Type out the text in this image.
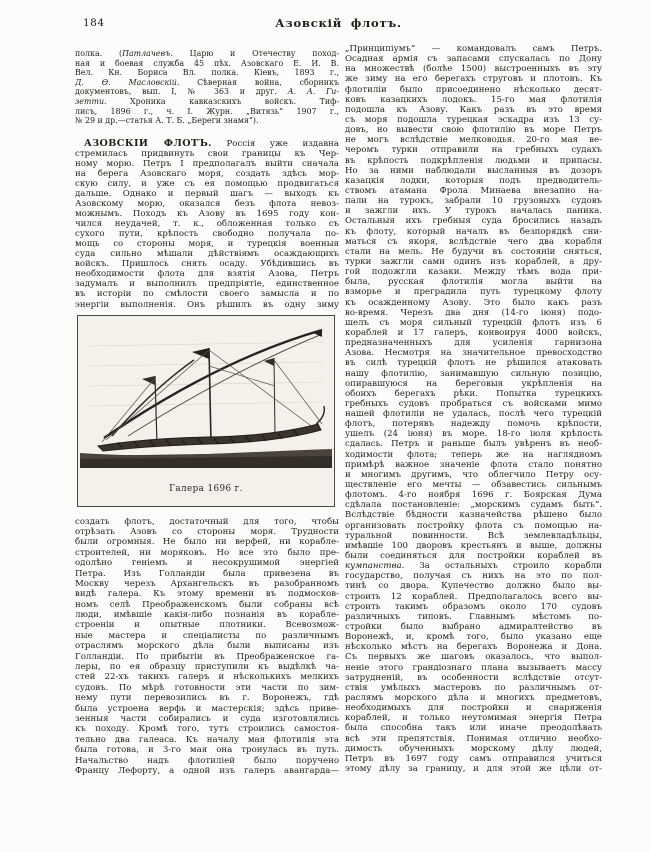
184	Азовскій флотъ.
полка. (Патлачевъ. Царю и Отечеству поход-
ная и боевая служба 45 пѣх. Азовскаго Е. И. В.
Вел. Кн. Бориса Вл. полка. Кіевъ, 1893 г.,
Д. Ѳ. Масловскій. Сѣверная война, сборникъ
документовъ, вып. I, № 363 и друг. А. А. Ги-
зетти. Хроника кавказскихъ войскъ. Тиф-
лисъ, 1896 г., ч. I. Журн. „Витязь“ 1907 г.,
№ 29 и др.—статья А. Т. Б. „Береги знамя“).
АЗОВСКІЙ ФЛОТЪ. Россія уже издавна
стремилась придвинуть свои границы къ Чер-
ному морю. Петръ I предполагалъ выйти сначала
на берега Азовскаго моря, создать здѣсь мор-
скую силу, и уже съ ея помощью продвигаться
дальше. Однако и первый шагъ — выходъ къ
Азовскому морю, оказался безъ флота невоз-
можнымъ. Походъ къ Азову въ 1695 году кон-
чился неудачей, т. к., обложенная только съ
сухого пути, крѣпость свободно получала по-
мощь со стороны моря, и турецкія военныя
суда сильно мѣшали дѣйствіямъ осаждающихъ
войскъ. Пришлось снять осаду. Убѣдившись въ
необходимости флота для взятія Азова, Петръ
задумалъ и выполнилъ предпріятіе, единственное
въ исторіи по смѣлости своего замысла и по
энергіи выполненія. Онъ рѣшилъ въ одну зиму
Галера 1696 г.
создать флотъ, достаточный для того, чтобы
отрѣзать Азовъ со стороны моря. Трудности
были огромныя. Не было ни верфей, ни корабле-
строителей, ни моряковъ. Но все это было пре-
одолѣно геніемъ и несокрушимой энергіей
Петра. Изъ Голландіи была привезена въ
Москву черезъ Архангельскъ въ разобранномъ
видѣ галера. Къ этому времени въ подмосков-
номъ селѣ Преображенскомъ были собраны всѣ
люди, имѣвшіе какія-либо познанія въ корабле-
строеніи и опытные плотники. Всевозмож-
ные мастера и спеціалисты по различнымъ
отраслямъ морского дѣла были выписаны изъ
Голландіи. По прибытіи въ Преображенское га-
леры, по ея образцу приступили къ выдѣлкѣ ча-
стей 22-хъ такихъ галеръ и нѣсколькихъ мелкихъ
судовъ. По мѣрѣ готовности эти части по зим-
нему пути перевозились въ г. Воронежъ, гдѣ
была устроена верфь и мастерскія; здѣсь приве-
зенныя части собирались и суда изготовлялись
къ походу. Кромѣ того, тутъ строились самостоя-
тельно два галеаса. Къ началу мая флотилія эта
была готова, и 3-го мая она тронулась въ путь.
Начальство надъ флотиліей было поручено
Францу Лефорту, а одной изъ галеръ авангарда—
„Принципіумъ“ — командовалъ самъ Петръ.
Осадная армія съ запасами спускалась по Дону
на множествѣ (болѣе 1500) выстроенныхъ въ эту
же зиму на его берегахъ струговъ и плотовъ. Къ
флотиліи было присоединено нѣсколько десят-
ковъ казацкихъ лодокъ. 15-го мая флотилія
подошла къ Азову. Какъ разъ въ это время
съ моря подошла турецкая эскадра изъ 13 су-
довъ, но вывести свою флотилію въ море Петръ
не могъ вслѣдствіе мелководья. 20-го мая ве-
черомъ турки отправили на гребныхъ судахъ
въ крѣпость подкрѣпленія людьми и припасы.
Но за ними наблюдали высланныя въ дозоръ
казацкія лодки, которыя подъ предводитель-
ствомъ атамана Фрола Минаева внезапно на-
пали на турокъ, забрали 10 грузовыхъ судовъ
и зажгли ихъ. У турокъ началась паника.
Остальныя ихъ гребныя суда бросились назадъ
къ флоту, который началъ въ безпорядкѣ сни-
маться съ якоря, вслѣдствіе чего два корабля
стали на мель. Не будучи въ состояніи сняться,
турки зажгли сами одинъ изъ кораблей, а дру-
гой подожгли казаки. Между тѣмъ вода при-
была, русская флотилія могла выйти на
взморье и преградила путь турецкому флоту
къ осажденному Азову. Это было какъ разъ
во-время. Черезъ два дня (14-го іюня) подо-
шелъ съ моря сильный турецкій флотъ изъ 6
кораблей и 17 галеръ, конвоируя 4000 войскъ,
предназначенныхъ для усиленія гарнизона
Азова. Несмотря на значительное превосходство
въ силѣ турецкій флотъ не рѣшился атаковать
нашу флотилію, занимавшую сильную позицію,
опиравшуюся на береговыя укрѣпленія на
обоихъ берегахъ рѣки. Попытка турецкихъ
гребныхъ судовъ пробраться съ войсками мимо
нашей флотиліи не удалась, послѣ чего турецкій
флотъ, потерявъ надежду помочь крѣпости,
ушелъ (24 іюня) въ море. 18-го іюля крѣпость
сдалась. Петръ и раньше былъ увѣренъ въ необ-
ходимости флота; теперь же на наглядномъ
примѣрѣ важное значеніе флота стало понятно
и многимъ другимъ, что облегчило Петру осу-
ществленіе его мечты — обзавестись сильнымъ
флотомъ. 4-го ноября 1696 г. Боярская Дума
сдѣлала постановленіе: „морскимъ судамъ быть“.
Вслѣдствіе бѣдности казначейства рѣшено было
организовать постройку флота съ помощью на-
туральной повинности. Всѣ землевладѣльцы,
имѣвшіе 100 дворовъ крестьянъ и выше, должны
были соединяться для постройки кораблей въ
кумпанства. За остальныхъ строило корабли
государство, получая съ нихъ на это по пол-
тинѣ со двора. Купечество должно было вы-
строить 12 кораблей. Предполагалось всего вы-
строить такимъ образомъ около 170 судовъ
различныхъ типовъ. Главнымъ мѣстомъ по-
стройки было выбрано адмиралтейство въ
Воронежѣ, и, кромѣ того, было указано еще
нѣсколько мѣстъ на берегахъ Воронежа и Дона.
Съ первыхъ же шаговъ оказалось, что выпол-
неніе этого грандіознаго плана вызываетъ массу
затрудненій, въ особенности вслѣдствіе отсут-
ствія умѣлыхъ мастеровъ по различнымъ от-
раслямъ морского дѣла и многихъ предметовъ,
необходимыхъ для постройки и снаряженія
кораблей, и только неутомимая энергія Петра
была способна такъ или иначе преодолѣвать
всѣ эти препятствія. Понимая отлично необхо-
димость обученныхъ морскому дѣлу людей,
Петръ въ 1697 году самъ отправился учиться
этому дѣлу за границу, и для этой же цѣли от-
